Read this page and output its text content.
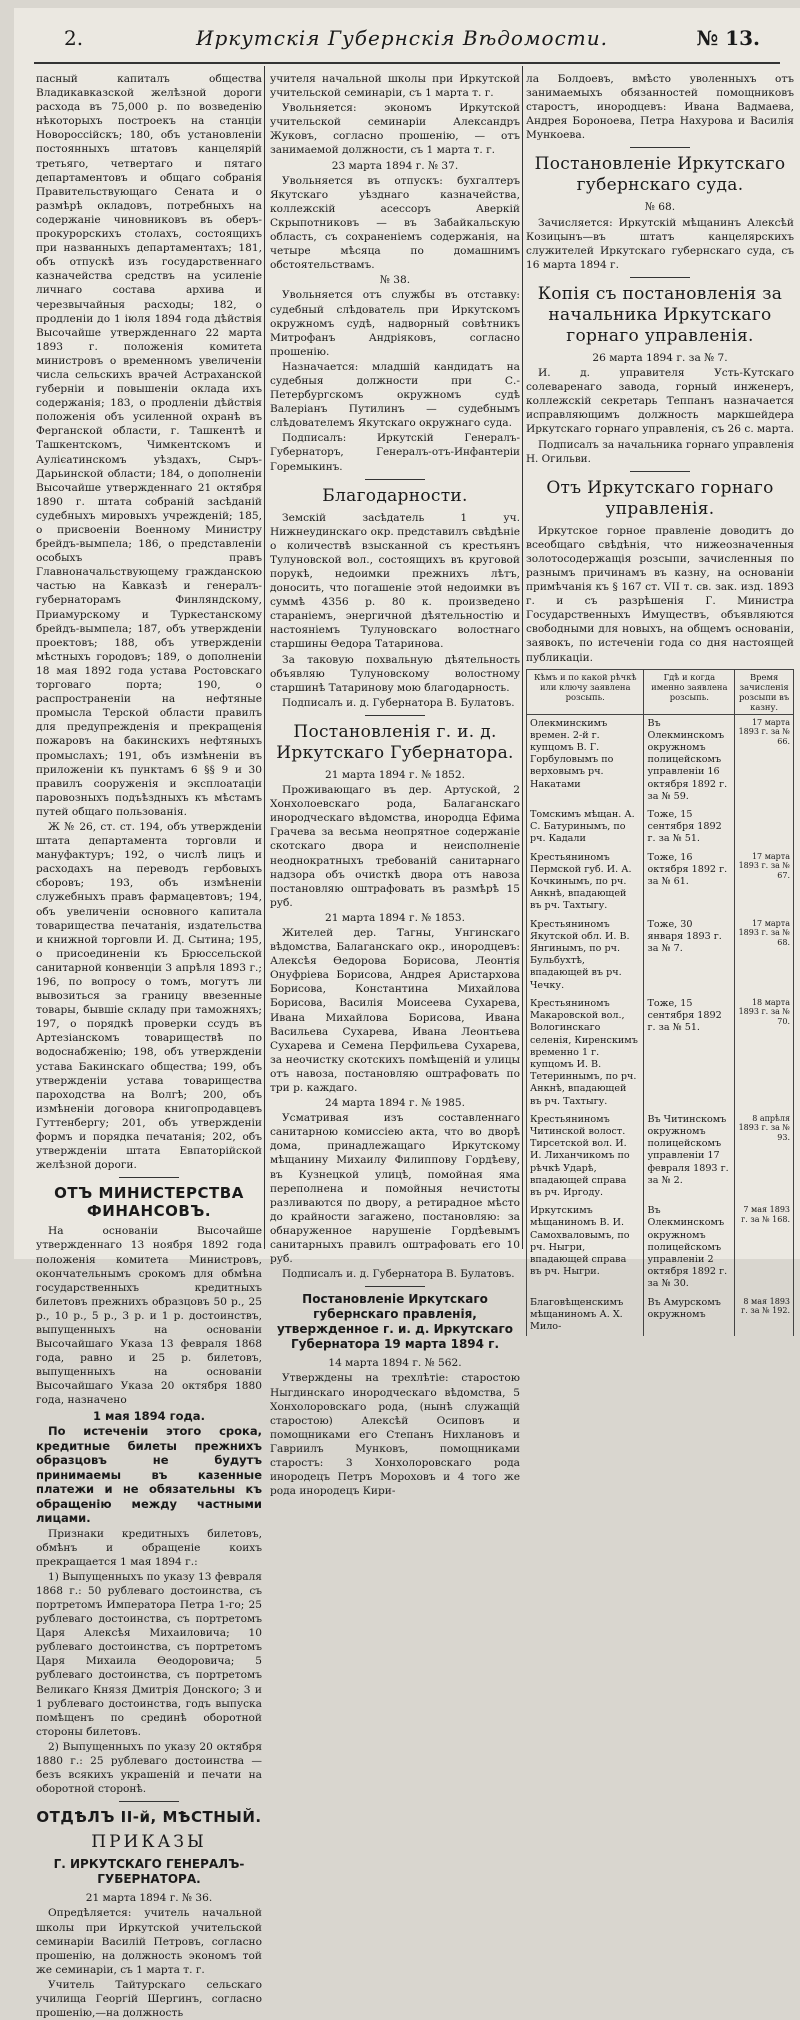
2.	Иркутскія Губернскія Вѣдомости.	№ 13.

пасный капиталъ общества Владикавказской желѣзной дороги расхода въ 75,000 р. по возведенію нѣкоторыхъ построекъ на станціи Новороссійскъ; 180, объ установленіи постоянныхъ штатовъ канцелярій третьяго, четвертаго и пятаго департаментовъ и общаго собранія Правительствующаго Сената и о размѣрѣ окладовъ, потребныхъ на содержаніе чиновниковъ въ оберъ-прокурорскихъ столахъ, состоящихъ при названныхъ департаментахъ; 181, объ отпускѣ изъ государственнаго казначейства средствъ на усиленіе личнаго состава архива и черезвычайныя расходы; 182, о продленіи до 1 іюля 1894 года дѣйствія Высочайше утвержденнаго 22 марта 1893 г. положенія комитета министровъ о временномъ увеличеніи числа сельскихъ врачей Астраханской губерніи и повышеніи оклада ихъ содержанія; 183, о продленіи дѣйствія положенія объ усиленной охранѣ въ Ферганской области, г. Ташкентѣ и Ташкентскомъ, Чимкентскомъ и Аулієатинскомъ уѣздахъ, Сыръ-Дарьинской области; 184, о дополненіи Высочайше утвержденнаго 21 октября 1890 г. штата собраній засѣданій судебныхъ мировыхъ учрежденій; 185, о присвоеніи Военному Министру брейдъ-вымпела; 186, о представленіи особыхъ правъ Главноначальствующему гражданскою частью на Кавказѣ и генералъ-губернаторамъ Финляндскому, Приамурскому и Туркестанскому брейдъ-вымпела; 187, объ утвержденіи проектовъ; 188, объ утвержденіи мѣстныхъ городовъ; 189, о дополненіи 18 мая 1892 года устава Ростовскаго торговаго порта; 190, о распространеніи на нефтяные промысла Терской области правилъ для предупрежденія и прекращенія пожаровъ на бакинскихъ нефтяныхъ промыслахъ; 191, объ измѣненіи въ приложеніи къ пунктамъ 6 §§ 9 и 30 правилъ сооруженія и эксплоатаціи паровозныхъ подъѣздныхъ къ мѣстамъ путей общаго пользованія.

Ж № 26, ст. ст. 194, объ утвержденіи штата департамента торговли и мануфактуръ; 192, о числѣ лицъ и расходахъ на переводъ гербовыхъ сборовъ; 193, объ измѣненіи служебныхъ правъ фармацевтовъ; 194, объ увеличеніи основного капитала товарищества печатанія, издательства и книжной торговли И. Д. Сытина; 195, о присоединеніи къ Брюссельской санитарной конвенціи 3 апрѣля 1893 г.; 196, по вопросу о томъ, могутъ ли вывозиться за границу ввезенные товары, бывшіе складу при таможняхъ; 197, о порядкѣ проверки ссудъ въ Артезіанскомъ товариществѣ по водоснабженію; 198, объ утвержденіи устава Бакинскаго общества; 199, объ утвержденіи устава товарищества пароходства на Волгѣ; 200, объ измѣненіи договора книгопродавцевъ Гуттенбергу; 201, объ утвержденіи формъ и порядка печатанія; 202, объ утвержденіи штата Евпаторійской желѣзной дороги.

ОТЪ МИНИСТЕРСТВА ФИНАНСОВЪ.

На основаніи Высочайше утвержденнаго 13 ноября 1892 года положенія комитета Министровъ, окончательнымъ срокомъ для обмѣна государственныхъ кредитныхъ билетовъ прежнихъ образцовъ 50 р., 25 р., 10 р., 5 р., 3 р. и 1 р. достоинствъ, выпущенныхъ на основаніи Высочайшаго Указа 13 февраля 1868 года, равно и 25 р. билетовъ, выпущенныхъ на основаніи Высочайшаго Указа 20 октября 1880 года, назначено

1 мая 1894 года.

По истеченіи этого срока, кредитные билеты прежнихъ образцовъ не будутъ принимаемы въ казенные платежи и не обязательны къ обращенію между частными лицами.

Признаки кредитныхъ билетовъ, обмѣнъ и обращеніе коихъ прекращается 1 мая 1894 г.:

1) Выпущенныхъ по указу 13 февраля 1868 г.: 50 рублеваго достоинства, съ портретомъ Императора Петра 1-го; 25 рублеваго достоинства, съ портретомъ Царя Алексѣя Михаиловича; 10 рублеваго достоинства, съ портретомъ Царя Михаила Ѳеодоровича; 5 рублеваго достоинства, съ портретомъ Великаго Князя Дмитрія Донского; 3 и 1 рублеваго достоинства, годъ выпуска помѣщенъ по срединѣ оборотной стороны билетовъ.

2) Выпущенныхъ по указу 20 октября 1880 г.: 25 рублеваго достоинства — безъ всякихъ украшеній и печати на оборотной сторонѣ.

ОТДѢЛЪ II-й, МѢСТНЫЙ.
ПРИКАЗЫ
Г. ИРКУТСКАГО ГЕНЕРАЛЪ-ГУБЕРНАТОРА.

21 марта 1894 г. № 36.

Опредѣляется: учитель начальной школы при Иркутской учительской семинаріи Василій Петровъ, согласно прошенію, на должность экономъ той же семинаріи, съ 1 марта т. г.

Учитель Тайтурскаго сельскаго училища Георгій Шергинъ, согласно прошенію,—на должность

учителя начальной школы при Иркутской учительской семинаріи, съ 1 марта т. г.

Увольняется: экономъ Иркутской учительской семинаріи Александръ Жуковъ, согласно прошенію, — отъ занимаемой должности, съ 1 марта т. г.

23 марта 1894 г. № 37.

Увольняется въ отпускъ: бухгалтеръ Якутскаго уѣзднаго казначейства, коллежскій асессоръ Аверкій Скрыпотниковъ — въ Забайкальскую область, съ сохраненіемъ содержанія, на четыре мѣсяца по домашнимъ обстоятельствамъ.

№ 38.

Увольняется отъ службы въ отставку: судебный слѣдователь при Иркутскомъ окружномъ судѣ, надворный совѣтникъ Митрофанъ Андріяковъ, согласно прошенію.

Назначается: младшій кандидатъ на судебныя должности при С.-Петербургскомъ окружномъ судѣ Валеріанъ Путилинъ — судебнымъ слѣдователемъ Якутскаго окружнаго суда.

Подписалъ: Иркутскій Генералъ-Губернаторъ, Генералъ-отъ-Инфантеріи Горемыкинъ.

Благодарности.

Земскій засѣдатель 1 уч. Нижнеудинскаго окр. представилъ свѣдѣніе о количествѣ взысканной съ крестьянъ Тулуновской вол., состоящихъ въ круговой порукѣ, недоимки прежнихъ лѣтъ, доносить, что погашеніе этой недоимки въ суммѣ 4356 р. 80 к. произведено стараніемъ, энергичной дѣятельностію и настояніемъ Тулуновскаго волостнаго старшины Ѳедора Татаринова.

За таковую похвальную дѣятельность объявляю Тулуновскому волостному старшинѣ Татаринову мою благодарность.

Подписалъ и. д. Губернатора В. Булатовъ.

Постановленія г. и. д. Иркутскаго Губернатора.

21 марта 1894 г. № 1852.

Проживающаго въ дер. Артуской, 2 Хонхолоевскаго рода, Балаганскаго инородческаго вѣдомства, инородца Ефима Грачева за весьма неопрятное содержаніе скотскаго двора и неисполненіе неоднократныхъ требованій санитарнаго надзора объ очисткѣ двора отъ навоза постановляю оштрафовать въ размѣрѣ 15 руб.

21 марта 1894 г. № 1853.

Жителей дер. Тагны, Унгинскаго вѣдомства, Балаганскаго окр., инородцевъ: Алексѣя Ѳедорова Борисова, Леонтія Онуфріева Борисова, Андрея Аристархова Борисова, Константина Михайлова Борисова, Василія Моисеева Сухарева, Ивана Михайлова Борисова, Ивана Васильева Сухарева, Ивана Леонтьева Сухарева и Семена Перфильева Сухарева, за неочистку скотскихъ помѣщеній и улицы отъ навоза, постановляю оштрафовать по три р. каждаго.

24 марта 1894 г. № 1985.

Усматривая изъ составленнаго санитарною комиссіею акта, что во дворѣ дома, принадлежащаго Иркутскому мѣщанину Михаилу Филиппову Гордѣеву, въ Кузнецкой улицѣ, помойная яма переполнена и помойныя нечистоты разливаются по двору, а ретирадное мѣсто до крайности загажено, постановляю: за обнаруженное нарушеніе Гордѣевымъ санитарныхъ правилъ оштрафовать его 10 руб.

Подписалъ и. д. Губернатора В. Булатовъ.

Постановленіе Иркутскаго губернскаго правленія, утвержденное г. и. д. Иркутскаго Губернатора 19 марта 1894 г.

14 марта 1894 г. № 562.

Утверждены на трехлѣтіе: старостою Ныгдинскаго инородческаго вѣдомства, 5 Хонхолоровскаго рода, (нынѣ служащій старостою) Алексѣй Осиповъ и помощниками его Степанъ Нихлановъ и Гавриилъ Мунковъ, помощниками старостъ: 3 Хонхолоровскаго рода инородецъ Петръ Мороховъ и 4 того же рода инородецъ Кири-

ла Болдоевъ, вмѣсто уволенныхъ отъ занимаемыхъ обязанностей помощниковъ старостъ, инородцевъ: Ивана Вадмаева, Андрея Бороноева, Петра Нахурова и Василія Мункоева.

Постановленіе Иркутскаго губернскаго суда.

№ 68.

Зачисляется: Иркутскій мѣщанинъ Алексѣй Козицынъ—въ штатъ канцелярскихъ служителей Иркутскаго губернскаго суда, съ 16 марта 1894 г.

Копія съ постановленія за начальника Иркутскаго горнаго управленія.

26 марта 1894 г. за № 7.

И. д. управителя Усть-Кутскаго солеваренаго завода, горный инженеръ, коллежскій секретарь Теппанъ назначается исправляющимъ должность маркшейдера Иркутскаго горнаго управленія, съ 26 с. марта.

Подписалъ за начальника горнаго управленія Н. Огильви.

Отъ Иркутскаго горнаго управленія.

Иркутское горное правленіе доводитъ до всеобщаго свѣдѣнія, что нижеозначенныя золотосодержащія розсыпи, зачисленныя по разнымъ причинамъ въ казну, на основаніи примѣчанія къ § 167 ст. VII т. св. зак. изд. 1893 г. и съ разрѣшенія Г. Министра Государственныхъ Имуществъ, объявляются свободными для новыхъ, на общемъ основаніи, заявокъ, по истеченіи года со дня настоящей публикаціи.

Кѣмъ и по какой рѣчкѣ или ключу заявлена розсыпь.	Гдѣ и когда именно заявлена розсыпь.	Время зачисленія розсыпи въ казну.
Олекминскимъ времен. 2-й г. купцомъ В. Г. Горбуловымъ по верховымъ рч. Накатами	Въ Олекминскомъ окружномъ полицейскомъ управленіи 16 октября 1892 г. за № 59.	17 марта 1893 г. за № 66.
Томскимъ мѣщан. А. С. Батуринымъ, по рч. Кадали	Тоже, 15 сентября 1892 г. за № 51.	
Крестьяниномъ Пермской губ. И. А. Кочкинымъ, по рч. Анкнѣ, впадающей въ рч. Тахтыгу.	Тоже, 16 октября 1892 г. за № 61.	17 марта 1893 г. за № 67.
Крестьяниномъ Якутской обл. И. В. Янгинымъ, по рч. Бульбухтѣ, впадающей въ рч. Чечку.	Тоже, 30 января 1893 г. за № 7.	17 марта 1893 г. за № 68.
Крестьяниномъ Макаровской вол., Вологинскаго селенія, Киренскимъ временно 1 г. купцомъ И. В. Тетериннымъ, по рч. Анкнѣ, впадающей въ рч. Тахтыгу.	Тоже, 15 сентября 1892 г. за № 51.	18 марта 1893 г. за № 70.
Крестьяниномъ Читинской волост. Тирсетской вол. И. И. Лиханчикомъ по рѣчкѣ Ударѣ, впадающей справа въ рч. Иргоду.	Въ Читинскомъ окружномъ полицейскомъ управленіи 17 февраля 1893 г. за № 2.	8 апрѣля 1893 г. за № 93.
Иркутскимъ мѣщаниномъ В. И. Самохваловымъ, по рч. Ныгри, впадающей справа въ рч. Ныгри.	Въ Олекминскомъ окружномъ полицейскомъ управленіи 2 октября 1892 г. за № 30.	7 мая 1893 г. за № 168.
Благовѣщенскимъ мѣщаниномъ А. Х. Мило-	Въ Амурскомъ окружномъ	8 мая 1893 г. за № 192.
